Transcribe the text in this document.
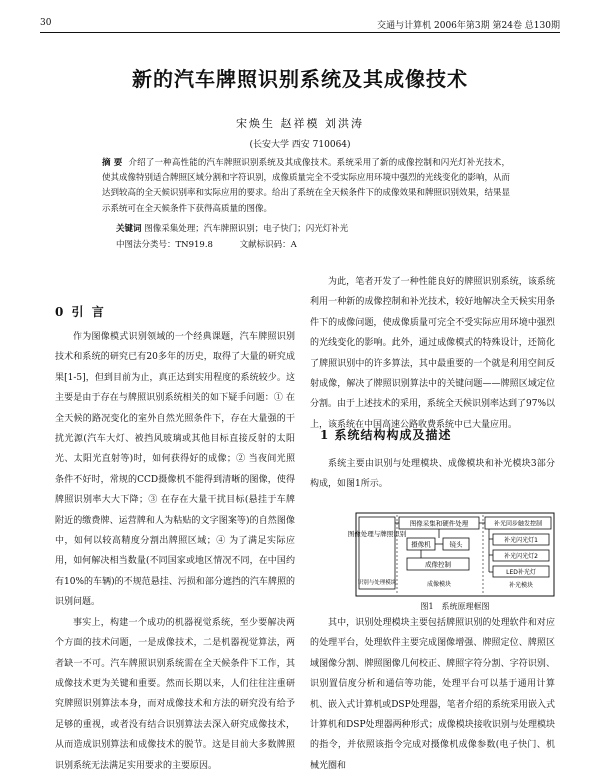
30	交通与计算机 2006年第3期 第24卷 总130期
新的汽车牌照识别系统及其成像技术
宋焕生 赵祥模 刘洪涛
(长安大学 西安 710064)
摘 要 介绍了一种高性能的汽车牌照识别系统及其成像技术。系统采用了新的成像控制和闪光灯补光技术，使其成像特别适合牌照区域分割和字符识别，成像质量完全不受实际应用环境中强烈的光线变化的影响，从而达到较高的全天候识别率和实际应用的要求。给出了系统在全天候条件下的成像效果和牌照识别效果，结果显示系统可在全天候条件下获得高质量的图像。
关键词 图像采集处理；汽车牌照识别；电子快门；闪光灯补光
中图法分类号：TN919.8	文献标识码：A
0 引 言

作为图像模式识别领域的一个经典课题，汽车牌照识别技术和系统的研究已有20多年的历史，取得了大量的研究成果[1-5]，但到目前为止，真正达到实用程度的系统较少。这主要是由于存在与牌照识别系统相关的如下疑手问题：① 在全天候的路况变化的室外自然光照条件下，存在大量强的干扰光源(汽车大灯、被挡风玻璃或其他目标直接反射的太阳光、太阳光直射等)时，如何获得好的成像；② 当夜间光照条件不好时，常规的CCD摄像机不能得到清晰的图像，使得牌照识别率大大下降；③ 在存在大量干扰目标(悬挂于车牌附近的缴费牌、运营牌和人为粘贴的文字图案等)的自然图像中，如何以较高精度分割出牌照区域；④ 为了满足实际应用，如何解决相当数量(不同国家或地区情况不同，在中国约有10%的车辆)的不规范悬挂、污损和部分遮挡的汽车牌照的识别问题。

事实上，构建一个成功的机器视觉系统，至少要解决两个方面的技术问题，一是成像技术，二是机器视觉算法，两者缺一不可。汽车牌照识别系统需在全天候条件下工作，其成像技术更为关键和重要。然而长期以来，人们往往注重研究牌照识别算法本身，而对成像技术和方法的研究没有给予足够的重视，或者没有结合识别算法去深入研究成像技术，从而造成识别算法和成像技术的脱节。这是目前大多数牌照识别系统无法满足实用要求的主要原因。

为此，笔者开发了一种性能良好的牌照识别系统，该系统利用一种新的成像控制和补光技术，较好地解决全天候实用条件下的成像问题，使成像质量可完全不受实际应用环境中强烈的光线变化的影响。此外，通过成像模式的特殊设计，还简化了牌照识别中的许多算法，其中最重要的一个就是利用空间反射成像，解决了牌照识别算法中的关键问题——牌照区域定位分割。由于上述技术的采用，系统全天候识别率达到了97%以上，该系统在中国高速公路收费系统中已大量应用。

1 系统结构构成及描述

系统主要由识别与处理模块、成像模块和补光模块3部分构成，如图1所示。

图像处理与牌照识别
识别与处理模块
图像采集和硬件处理
摄像机	镜头
成像控制
成像模块
补光同步触发控制
补光闪光灯1
补光闪光灯2
LED补光灯
补光模块
图1 系统原理框图

其中，识别处理模块主要包括牌照识别的处理软件和对应的处理平台，处理软件主要完成图像增强、牌照定位、牌照区域图像分割、牌照图像几何校正、牌照字符分割、字符识别、识别置信度分析和通信等功能，处理平台可以基于通用计算机、嵌入式计算机或DSP处理器，笔者介绍的系统采用嵌入式计算机和DSP处理器两种形式；成像模块接收识别与处理模块的指令，并依照该指令完成对摄像机成像参数(电子快门、机械光圈和
